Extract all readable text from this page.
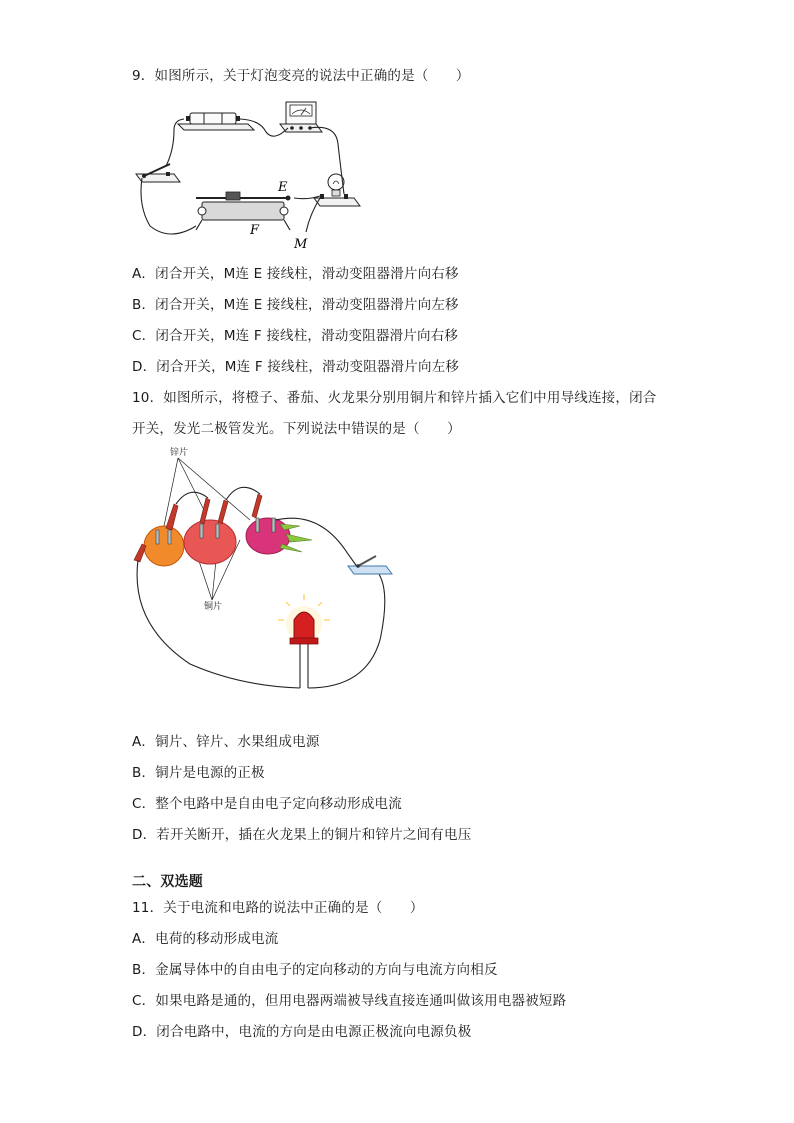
9．如图所示，关于灯泡变亮的说法中正确的是（　　）
E
F
M
A．闭合开关，M连 E 接线柱，滑动变阻器滑片向右移
B．闭合开关，M连 E 接线柱，滑动变阻器滑片向左移
C．闭合开关，M连 F 接线柱，滑动变阻器滑片向右移
D．闭合开关，M连 F 接线柱，滑动变阻器滑片向左移
10．如图所示，将橙子、番茄、火龙果分别用铜片和锌片插入它们中用导线连接，闭合
开关，发光二极管发光。下列说法中错误的是（　　）
锌片
铜片
A．铜片、锌片、水果组成电源
B．铜片是电源的正极
C．整个电路中是自由电子定向移动形成电流
D．若开关断开，插在火龙果上的铜片和锌片之间有电压
二、双选题
11．关于电流和电路的说法中正确的是（　　）
A．电荷的移动形成电流
B．金属导体中的自由电子的定向移动的方向与电流方向相反
C．如果电路是通的，但用电器两端被导线直接连通叫做该用电器被短路
D．闭合电路中，电流的方向是由电源正极流向电源负极
